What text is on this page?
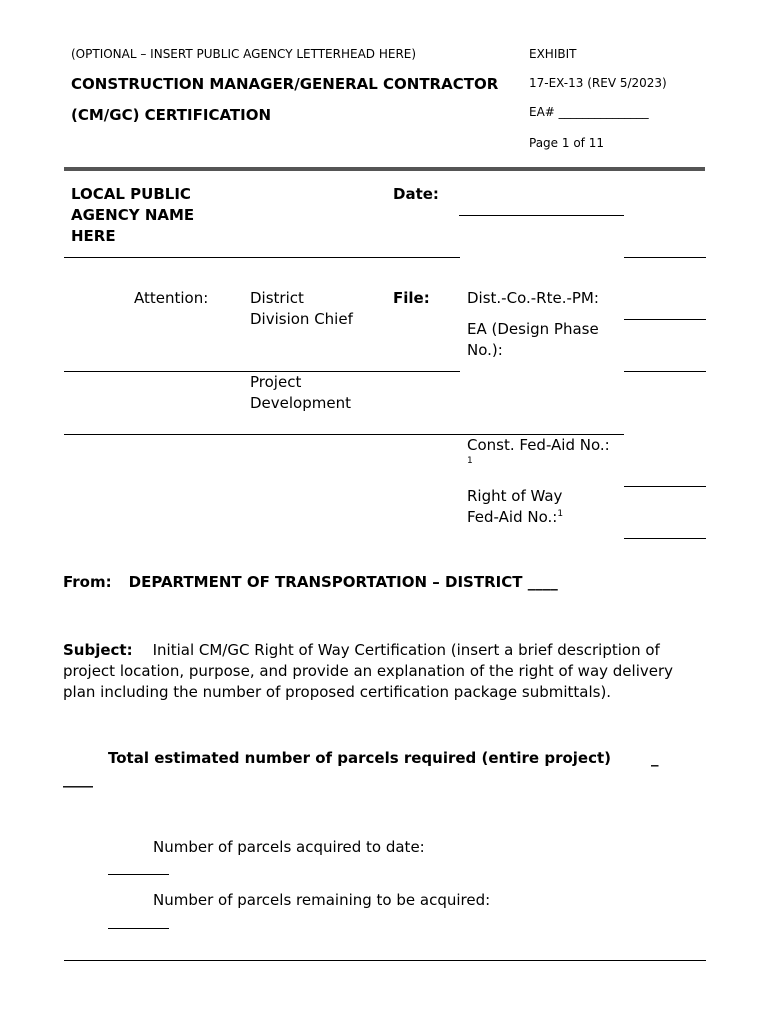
(OPTIONAL – INSERT PUBLIC AGENCY LETTERHEAD HERE)
CONSTRUCTION MANAGER/GENERAL CONTRACTOR
(CM/GC) CERTIFICATION
EXHIBIT
17-EX-13 (REV 5/2023)
EA# _______________
Page 1 of 11
LOCAL PUBLIC
AGENCY NAME
HERE
Date:
Attention:	District
Division Chief
File: Dist.-Co.-Rte.-PM:
EA (Design Phase
No.):
Project
Development
Const. Fed-Aid No.:
1
Right of Way
Fed-Aid No.:$^1$
From: DEPARTMENT OF TRANSPORTATION – DISTRICT ____
Subject: Initial CM/GC Right of Way Certification (insert a brief description of project location, purpose, and provide an explanation of the right of way delivery plan including the number of proposed certification package submittals).
Total estimated number of parcels required (entire project)	_
____
Number of parcels acquired to date:
Number of parcels remaining to be acquired:
